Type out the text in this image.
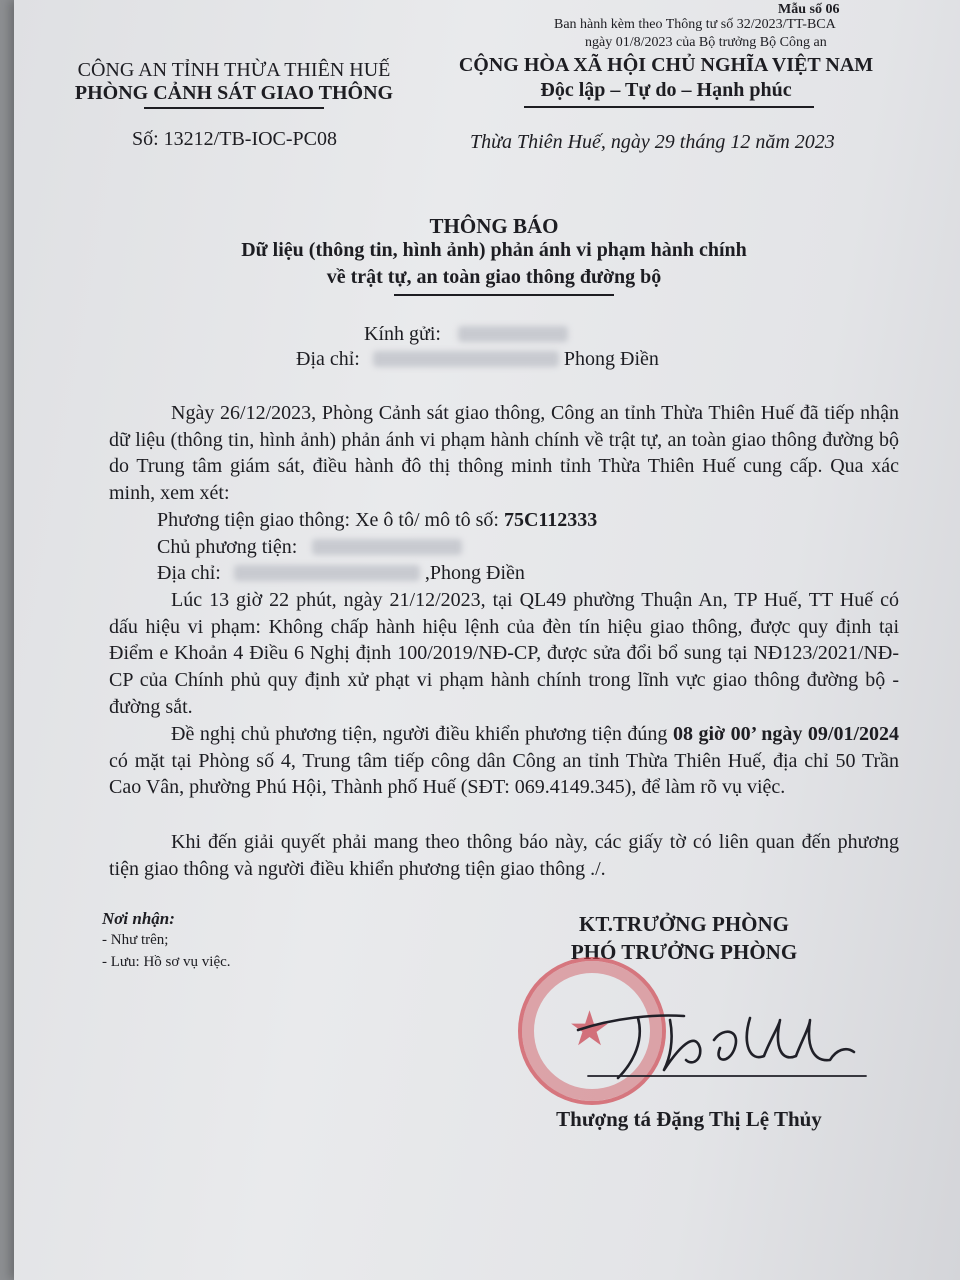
Mẫu số 06
Ban hành kèm theo Thông tư số 32/2023/TT-BCA
ngày 01/8/2023 của Bộ trưởng Bộ Công an
CÔNG AN TỈNH THỪA THIÊN HUẾ
PHÒNG CẢNH SÁT GIAO THÔNG
Số: 13212/TB-IOC-PC08
CỘNG HÒA XÃ HỘI CHỦ NGHĨA VIỆT NAM
Độc lập – Tự do – Hạnh phúc
Thừa Thiên Huế, ngày 29 tháng 12 năm 2023
THÔNG BÁO
Dữ liệu (thông tin, hình ảnh) phản ánh vi phạm hành chính
về trật tự, an toàn giao thông đường bộ
Kính gửi:
Địa chỉ:	Phong Điền
Ngày 26/12/2023, Phòng Cảnh sát giao thông, Công an tỉnh Thừa Thiên Huế đã tiếp nhận dữ liệu (thông tin, hình ảnh) phản ánh vi phạm hành chính về trật tự, an toàn giao thông đường bộ do Trung tâm giám sát, điều hành đô thị thông minh tỉnh Thừa Thiên Huế cung cấp. Qua xác minh, xem xét:
Phương tiện giao thông: Xe ô tô/ mô tô số: 75C112333
Chủ phương tiện:
Địa chỉ:	,Phong Điền
Lúc 13 giờ 22 phút, ngày 21/12/2023, tại QL49 phường Thuận An, TP Huế, TT Huế có dấu hiệu vi phạm: Không chấp hành hiệu lệnh của đèn tín hiệu giao thông, được quy định tại Điểm e Khoản 4 Điều 6 Nghị định 100/2019/NĐ-CP, được sửa đổi bổ sung tại NĐ123/2021/NĐ-CP của Chính phủ quy định xử phạt vi phạm hành chính trong lĩnh vực giao thông đường bộ - đường sắt.
Đề nghị chủ phương tiện, người điều khiển phương tiện đúng 08 giờ 00’ ngày 09/01/2024 có mặt tại Phòng số 4, Trung tâm tiếp công dân Công an tỉnh Thừa Thiên Huế, địa chỉ 50 Trần Cao Vân, phường Phú Hội, Thành phố Huế (SĐT: 069.4149.345), để làm rõ vụ việc.
Khi đến giải quyết phải mang theo thông báo này, các giấy tờ có liên quan đến phương tiện giao thông và người điều khiển phương tiện giao thông ./.
Nơi nhận:
- Như trên;
- Lưu: Hồ sơ vụ việc.
KT.TRƯỞNG PHÒNG
PHÓ TRƯỞNG PHÒNG
★
Thượng tá Đặng Thị Lệ Thủy
